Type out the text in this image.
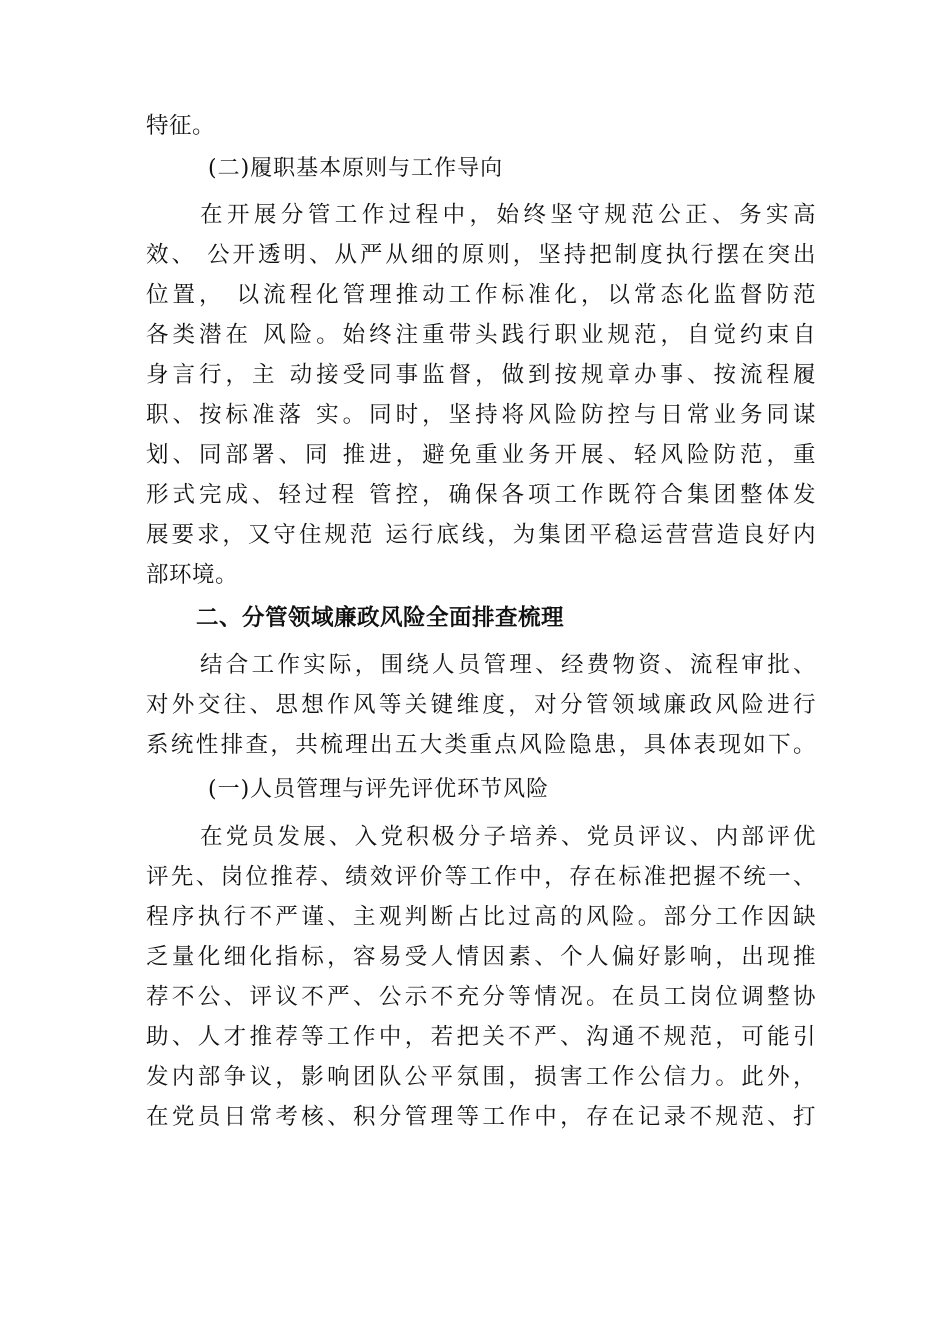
特征。
(二)履职基本原则与工作导向
在开展分管工作过程中，始终坚守规范公正、务实高
效、 公开透明、从严从细的原则，坚持把制度执行摆在突出
位置， 以流程化管理推动工作标准化，以常态化监督防范
各类潜在 风险。始终注重带头践行职业规范，自觉约束自
身言行，主 动接受同事监督，做到按规章办事、按流程履
职、按标准落 实。同时，坚持将风险防控与日常业务同谋
划、同部署、同 推进，避免重业务开展、轻风险防范，重
形式完成、轻过程 管控，确保各项工作既符合集团整体发
展要求，又守住规范 运行底线，为集团平稳运营营造良好内
部环境。
二、分管领域廉政风险全面排查梳理
结合工作实际，围绕人员管理、经费物资、流程审批、
对外交往、思想作风等关键维度，对分管领域廉政风险进行
系统性排查，共梳理出五大类重点风险隐患，具体表现如下。
(一)人员管理与评先评优环节风险
在党员发展、入党积极分子培养、党员评议、内部评优
评先、岗位推荐、绩效评价等工作中，存在标准把握不统一、
程序执行不严谨、主观判断占比过高的风险。部分工作因缺
乏量化细化指标，容易受人情因素、个人偏好影响，出现推
荐不公、评议不严、公示不充分等情况。在员工岗位调整协
助、人才推荐等工作中，若把关不严、沟通不规范，可能引
发内部争议，影响团队公平氛围，损害工作公信力。此外，
在党员日常考核、积分管理等工作中，存在记录不规范、打
